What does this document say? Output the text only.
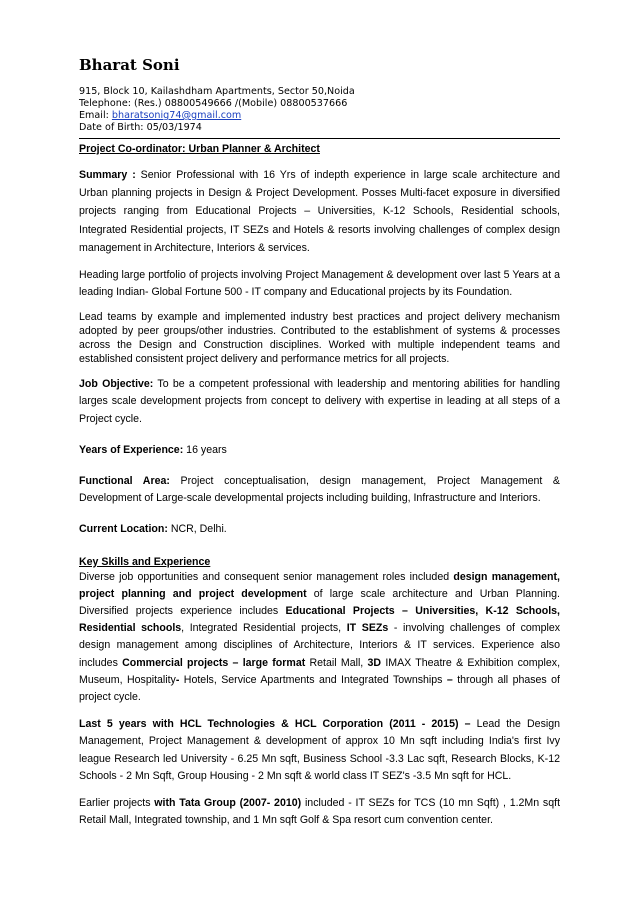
Bharat Soni
915, Block 10, Kailashdham Apartments, Sector 50,Noida
Telephone: (Res.) 08800549666 /(Mobile) 08800537666
Email: bharatsonig74@gmail.com
Date of Birth: 05/03/1974
Project Co-ordinator: Urban Planner & Architect

Summary : Senior Professional with 16 Yrs of indepth experience in large scale architecture and Urban planning projects in Design & Project Development. Posses Multi-facet exposure in diversified projects ranging from Educational Projects – Universities, K-12 Schools, Residential schools, Integrated Residential projects, IT SEZs and Hotels & resorts involving challenges of complex design management in Architecture, Interiors & services.

Heading large portfolio of projects involving Project Management & development over last 5 Years at a leading Indian- Global Fortune 500 - IT company and Educational projects by its Foundation.

Lead teams by example and implemented industry best practices and project delivery mechanism adopted by peer groups/other industries. Contributed to the establishment of systems & processes across the Design and Construction disciplines. Worked with multiple independent teams and established consistent project delivery and performance metrics for all projects.

Job Objective: To be a competent professional with leadership and mentoring abilities for handling larges scale development projects from concept to delivery with expertise in leading at all steps of a Project cycle.

Years of Experience: 16 years

Functional Area: Project conceptualisation, design management, Project Management & Development of Large-scale developmental projects including building, Infrastructure and Interiors.

Current Location: NCR, Delhi.

Key Skills and Experience

Diverse job opportunities and consequent senior management roles included design management, project planning and project development of large scale architecture and Urban Planning. Diversified projects experience includes Educational Projects – Universities, K-12 Schools, Residential schools, Integrated Residential projects, IT SEZs - involving challenges of complex design management among disciplines of Architecture, Interiors & IT services. Experience also includes Commercial projects – large format Retail Mall, 3D IMAX Theatre & Exhibition complex, Museum, Hospitality- Hotels, Service Apartments and Integrated Townships – through all phases of project cycle.

Last 5 years with HCL Technologies & HCL Corporation (2011 - 2015) – Lead the Design Management, Project Management & development of approx 10 Mn sqft including India's first Ivy league Research led University - 6.25 Mn sqft, Business School -3.3 Lac sqft, Research Blocks, K-12 Schools - 2 Mn Sqft, Group Housing - 2 Mn sqft & world class IT SEZ's -3.5 Mn sqft for HCL.

Earlier projects with Tata Group (2007- 2010) included - IT SEZs for TCS (10 mn Sqft) , 1.2Mn sqft Retail Mall, Integrated township, and 1 Mn sqft Golf & Spa resort cum convention center.
